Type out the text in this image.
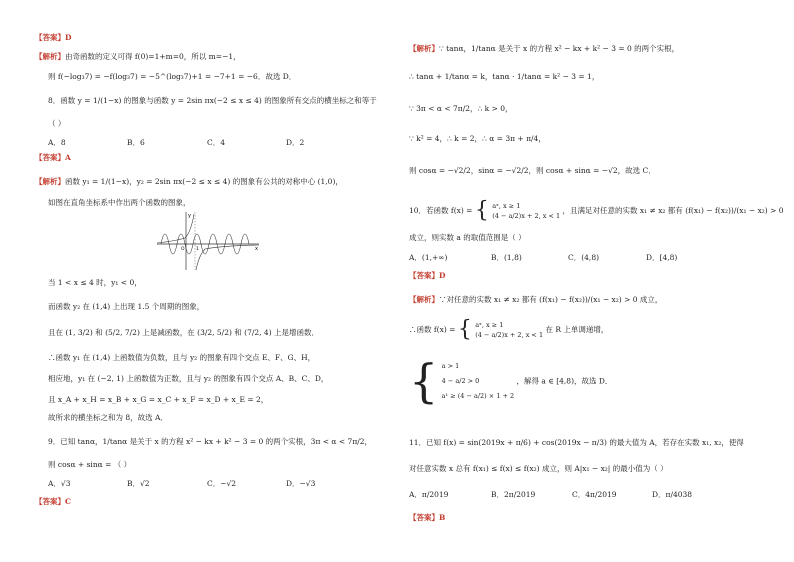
【答案】D
【解析】由奇函数的定义可得 f(0)=1+m=0，所以 m=−1，
则 f(−log₃7) = −f(log₃7) = −5^(log₃7)+1 = −7+1 = −6．故选 D．
8．函数 y = 1/(1−x) 的图象与函数 y = 2sin πx(−2 ≤ x ≤ 4) 的图象所有交点的横坐标之和等于
（ ）
A．8	B．6	C．4	D．2
【答案】A
【解析】函数 y₁ = 1/(1−x)，y₂ = 2sin πx(−2 ≤ x ≤ 4) 的图象有公共的对称中心 (1,0)，
如图在直角坐标系中作出两个函数的图象，
y
x
O	1
当 1 < x ≤ 4 时，y₁ < 0，
而函数 y₂ 在 (1,4) 上出现 1.5 个周期的图象，
且在 (1, 3/2) 和 (5/2, 7/2) 上是减函数，在 (3/2, 5/2) 和 (7/2, 4) 上是增函数．
∴函数 y₁ 在 (1,4) 上函数值为负数，且与 y₂ 的图象有四个交点 E、F、G、H，
相应地，y₁ 在 (−2, 1) 上函数值为正数，且与 y₂ 的图象有四个交点 A、B、C、D，
且 x_A + x_H = x_B + x_G = x_C + x_F = x_D + x_E = 2，
故所求的横坐标之和为 8，故选 A．
9．已知 tanα，1/tanα 是关于 x 的方程 x² − kx + k² − 3 = 0 的两个实根，3π < α < 7π/2，
则 cosα + sinα = （ ）
A．√3	B．√2	C．−√2	D．−√3
【答案】C
【解析】∵ tanα，1/tanα 是关于 x 的方程 x² − kx + k² − 3 = 0 的两个实根，
∴ tanα + 1/tanα = k，tanα · 1/tanα = k² − 3 = 1，
∵ 3π < α < 7π/2，∴ k > 0，
∵ k² = 4，∴ k = 2，∴ α = 3π + π/4，
则 cosα = −√2/2，sinα = −√2/2，则 cosα + sinα = −√2，故选 C．
10．若函数 f(x) = { aˣ, x ≥ 1
(4 − a/2)x + 2, x < 1
，且满足对任意的实数 x₁ ≠ x₂ 都有 (f(x₁) − f(x₂))/(x₁ − x₂) > 0
成立，则实数 a 的取值范围是（ ）
A．(1,+∞)	B．(1,8)	C．(4,8)	D．[4,8)
【答案】D
【解析】∵对任意的实数 x₁ ≠ x₂ 都有 (f(x₁) − f(x₂))/(x₁ − x₂) > 0 成立，
∴函数 f(x) = { aˣ, x ≥ 1
(4 − a/2)x + 2, x < 1
在 R 上单调递增，
{ a > 1
4 − a/2 > 0
a¹ ≥ (4 − a/2) × 1 + 2
，解得 a ∈ [4,8)，故选 D．
11．已知 f(x) = sin(2019x + π/6) + cos(2019x − π/3) 的最大值为 A，若存在实数 x₁, x₂，使得
对任意实数 x 总有 f(x₁) ≤ f(x) ≤ f(x₂) 成立，则 A|x₁ − x₂| 的最小值为（ ）
A．π/2019	B．2π/2019	C．4π/2019	D．π/4038
【答案】B
